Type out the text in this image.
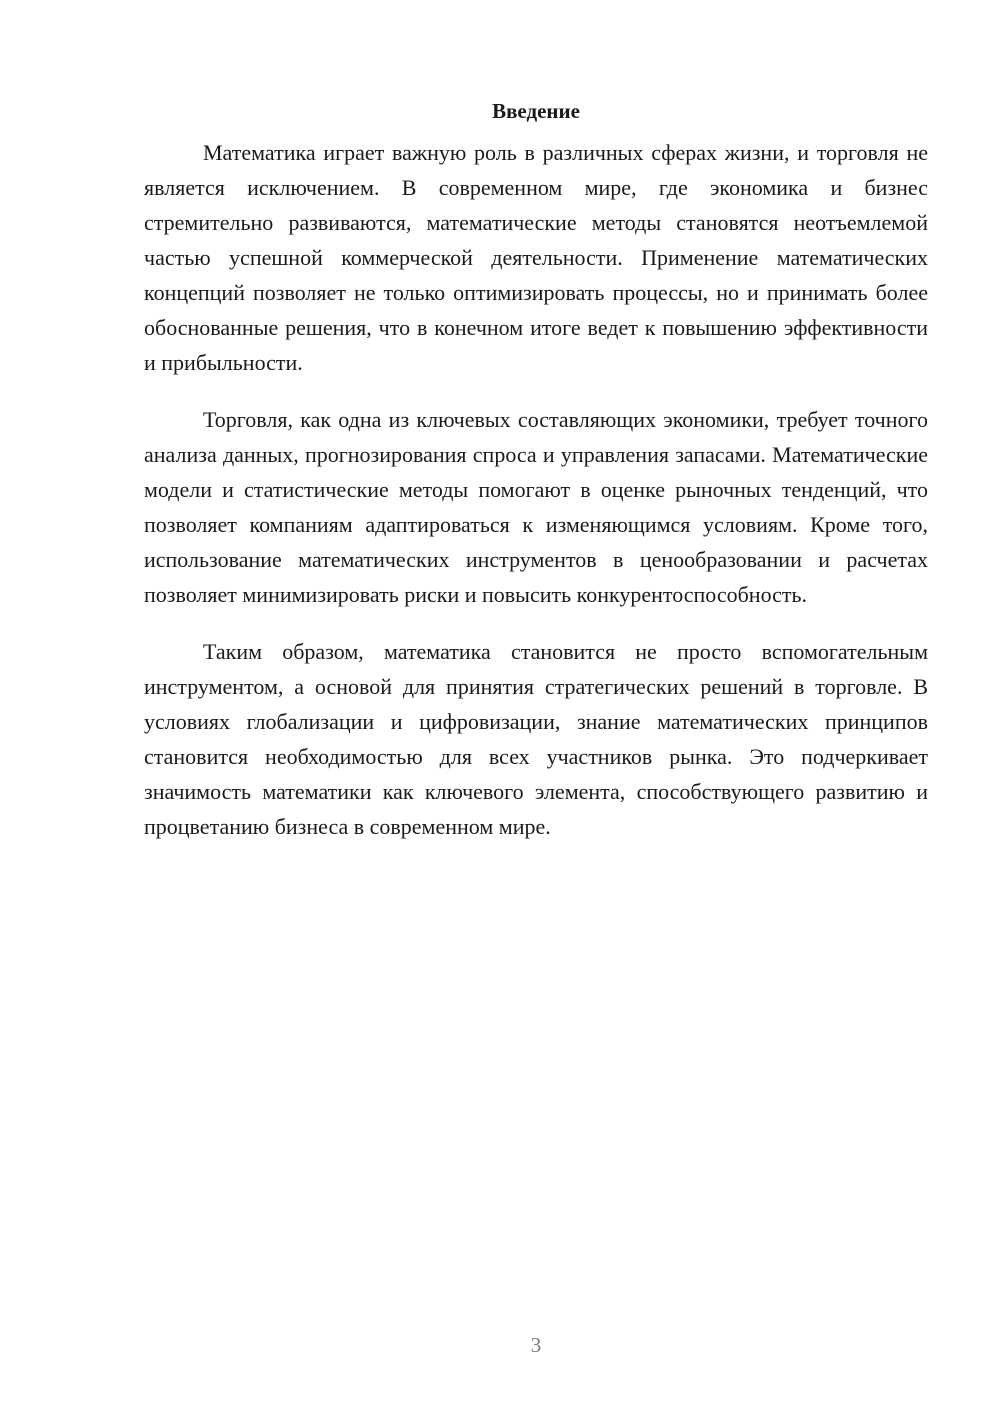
Введение

Математика играет важную роль в различных сферах жизни, и торговля не является исключением. В современном мире, где экономика и бизнес стремительно развиваются, математические методы становятся неотъемлемой частью успешной коммерческой деятельности. Применение математических концепций позволяет не только оптимизировать процессы, но и принимать более обоснованные решения, что в конечном итоге ведет к повышению эффективности и прибыльности.

Торговля, как одна из ключевых составляющих экономики, требует точного анализа данных, прогнозирования спроса и управления запасами. Математические модели и статистические методы помогают в оценке рыночных тенденций, что позволяет компаниям адаптироваться к изменяющимся условиям. Кроме того, использование математических инструментов в ценообразовании и расчетах позволяет минимизировать риски и повысить конкурентоспособность.

Таким образом, математика становится не просто вспомогательным инструментом, а основой для принятия стратегических решений в торговле. В условиях глобализации и цифровизации, знание математических принципов становится необходимостью для всех участников рынка. Это подчеркивает значимость математики как ключевого элемента, способствующего развитию и процветанию бизнеса в современном мире.

3
